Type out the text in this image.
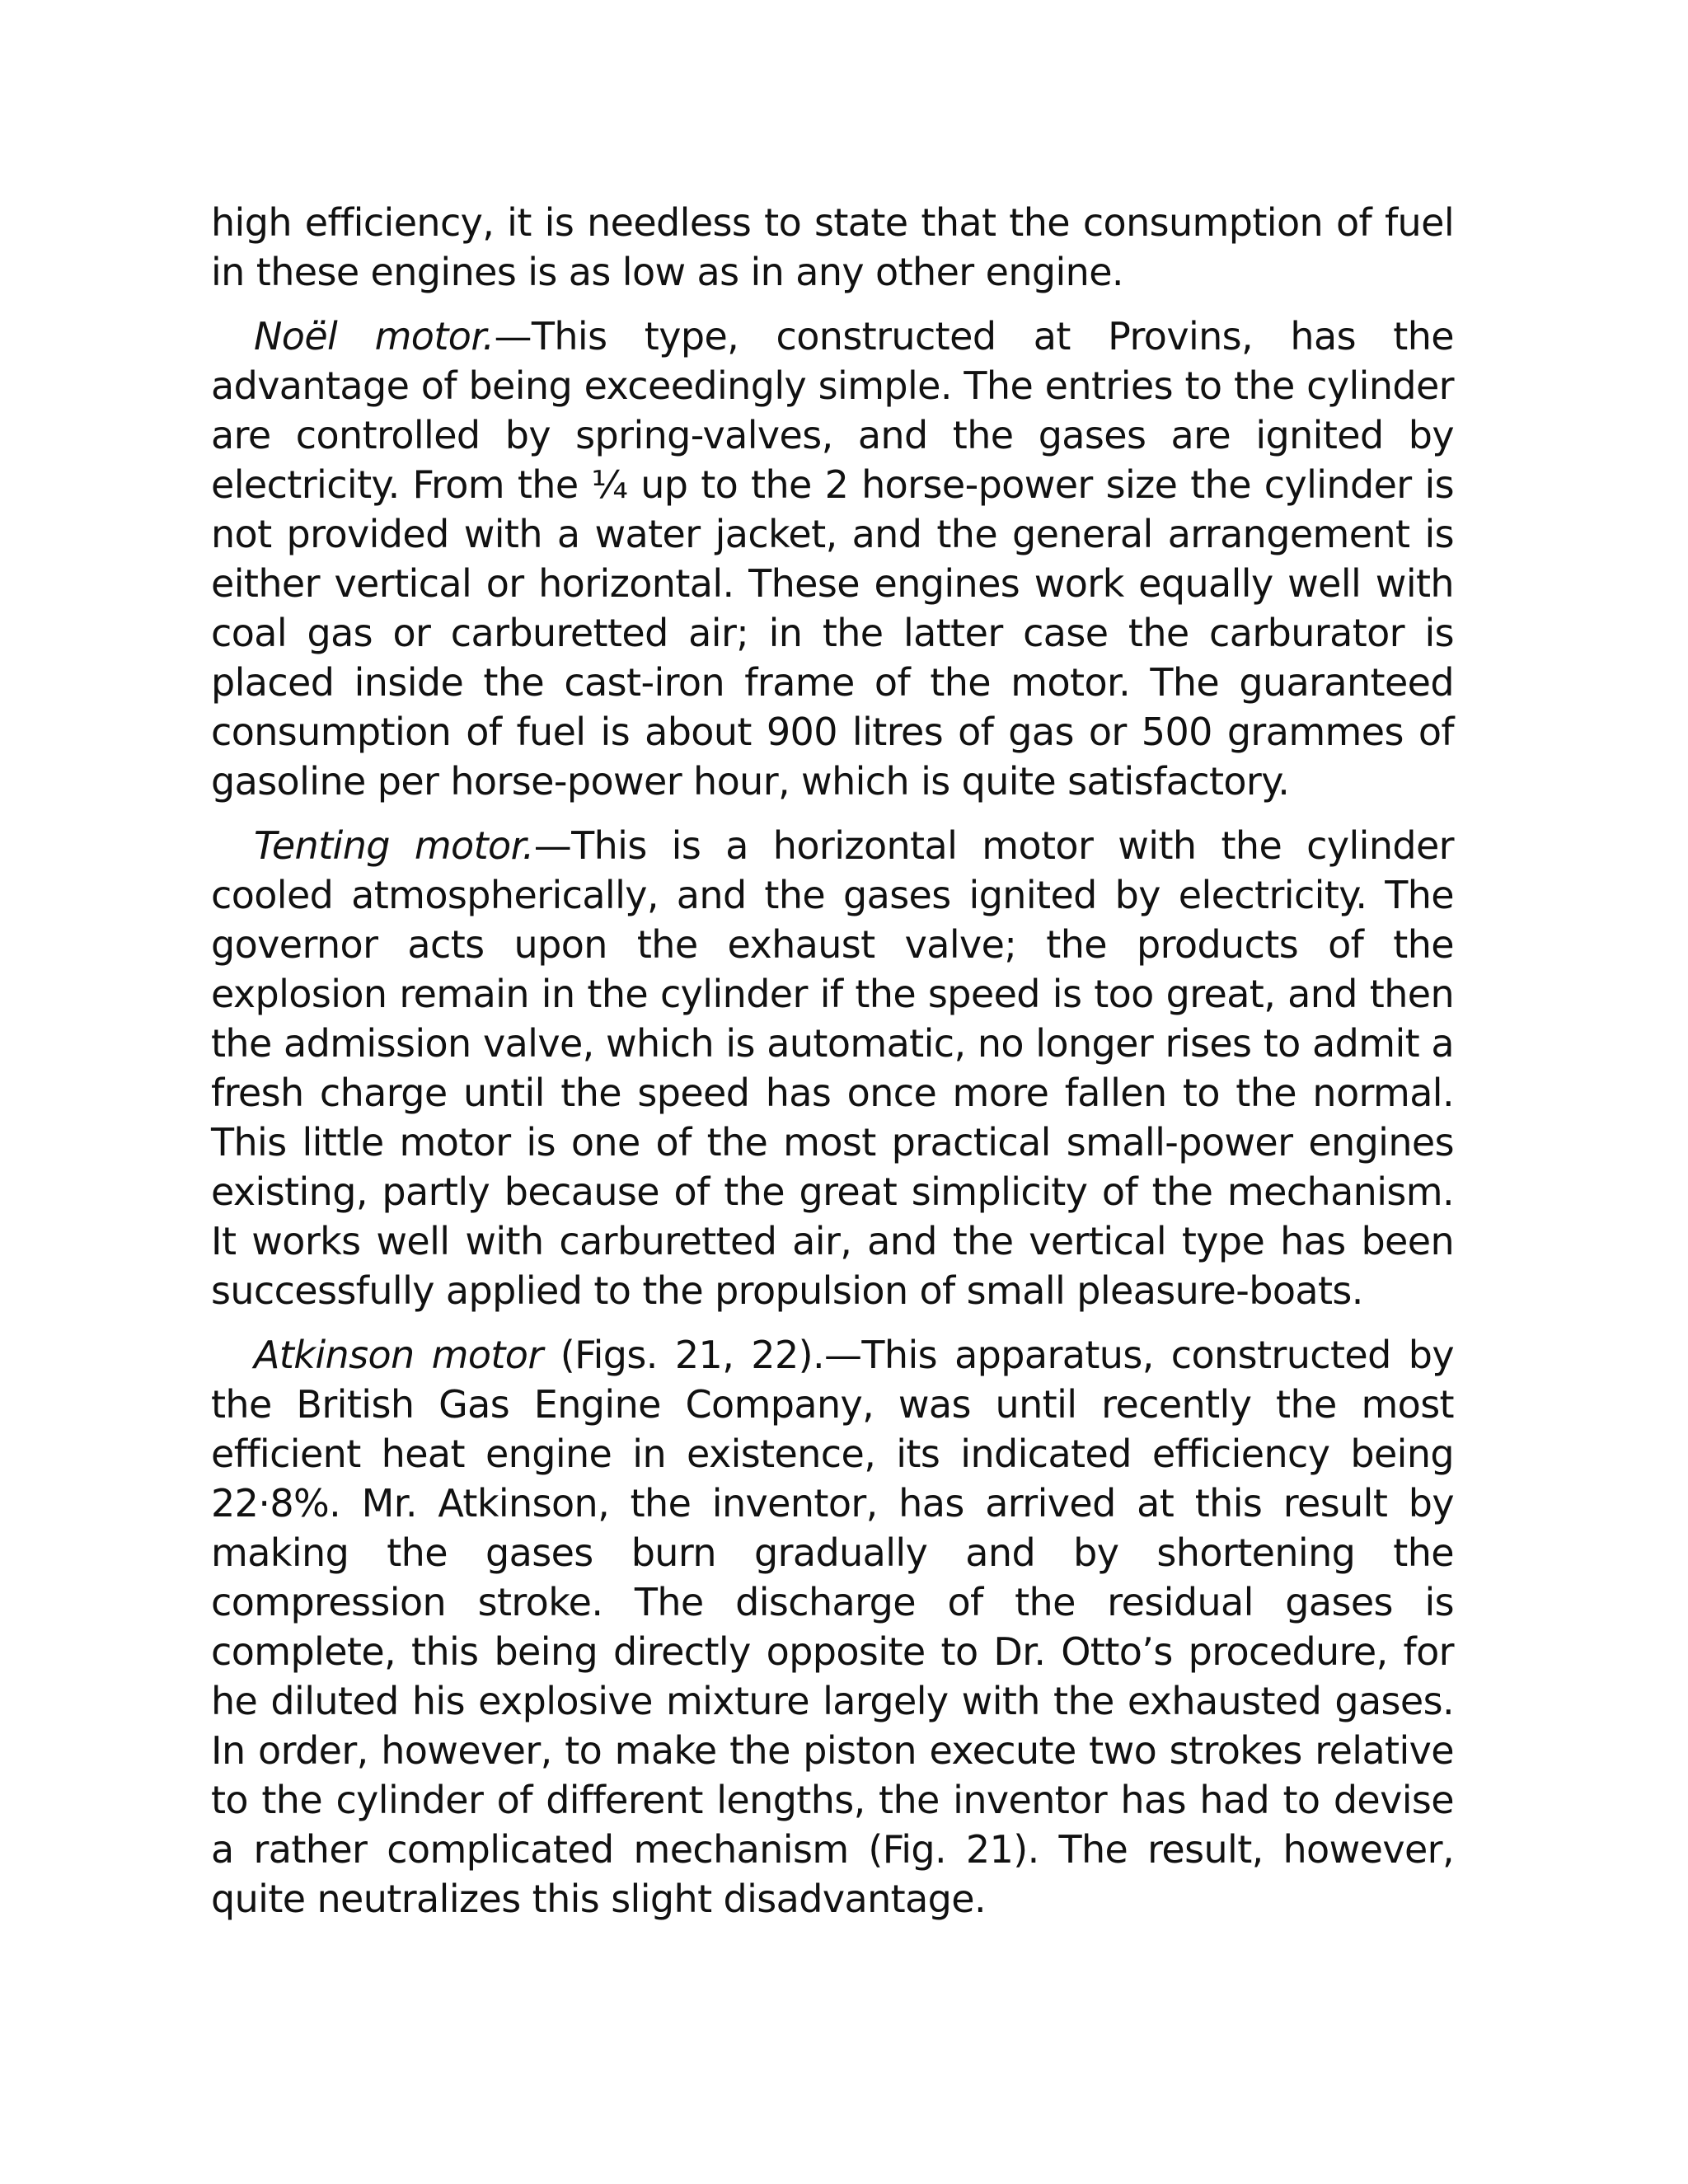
high efficiency, it is needless to state that the consumption of fuel in these engines is as low as in any other engine.

Noël motor.—This type, constructed at Provins, has the advantage of being exceedingly simple. The entries to the cylinder are controlled by spring-valves, and the gases are ignited by electricity. From the ¼ up to the 2 horse-power size the cylinder is not provided with a water jacket, and the general arrangement is either vertical or horizontal. These engines work equally well with coal gas or carburetted air; in the latter case the carburator is placed inside the cast-iron frame of the motor. The guaranteed consumption of fuel is about 900 litres of gas or 500 grammes of gasoline per horse-power hour, which is quite satisfactory.

Tenting motor.—This is a horizontal motor with the cylinder cooled atmospherically, and the gases ignited by electricity. The governor acts upon the exhaust valve; the products of the explosion remain in the cylinder if the speed is too great, and then the admission valve, which is automatic, no longer rises to admit a fresh charge until the speed has once more fallen to the normal. This little motor is one of the most practical small-power engines existing, partly because of the great simplicity of the mechanism. It works well with carburetted air, and the vertical type has been successfully applied to the propulsion of small pleasure-boats.

Atkinson motor (Figs. 21, 22).—This apparatus, constructed by the British Gas Engine Company, was until recently the most efficient heat engine in existence, its indicated efficiency being 22·8%. Mr. Atkinson, the inventor, has arrived at this result by making the gases burn gradually and by shortening the compression stroke. The discharge of the residual gases is complete, this being directly opposite to Dr. Otto’s procedure, for he diluted his explosive mixture largely with the exhausted gases. In order, however, to make the piston execute two strokes relative to the cylinder of different lengths, the inventor has had to devise a rather complicated mechanism (Fig. 21). The result, however, quite neutralizes this slight disadvantage.
